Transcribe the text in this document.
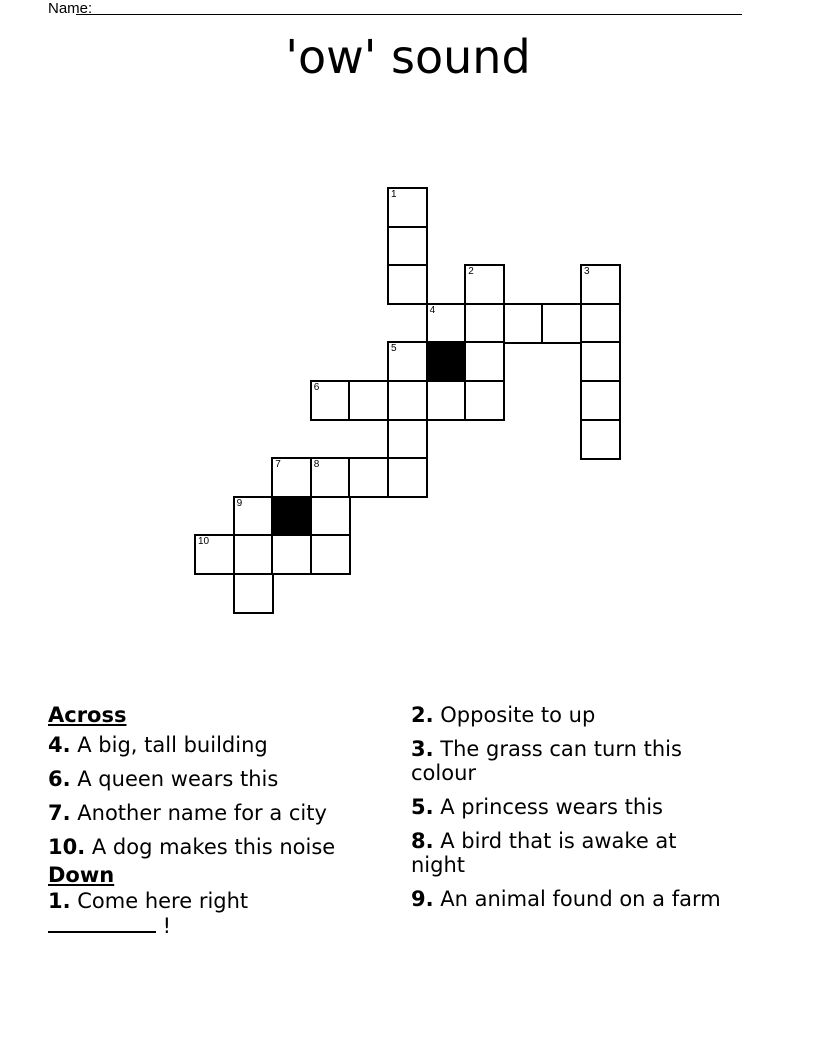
Name:
'ow' sound
1
2	3
4
5
6
7	8
9
10
Across
4. A big, tall building
6. A queen wears this
7. Another name for a city
10. A dog makes this noise
Down
1. Come here right
!
2. Opposite to up
3. The grass can turn this colour
5. A princess wears this
8. A bird that is awake at night
9. An animal found on a farm
